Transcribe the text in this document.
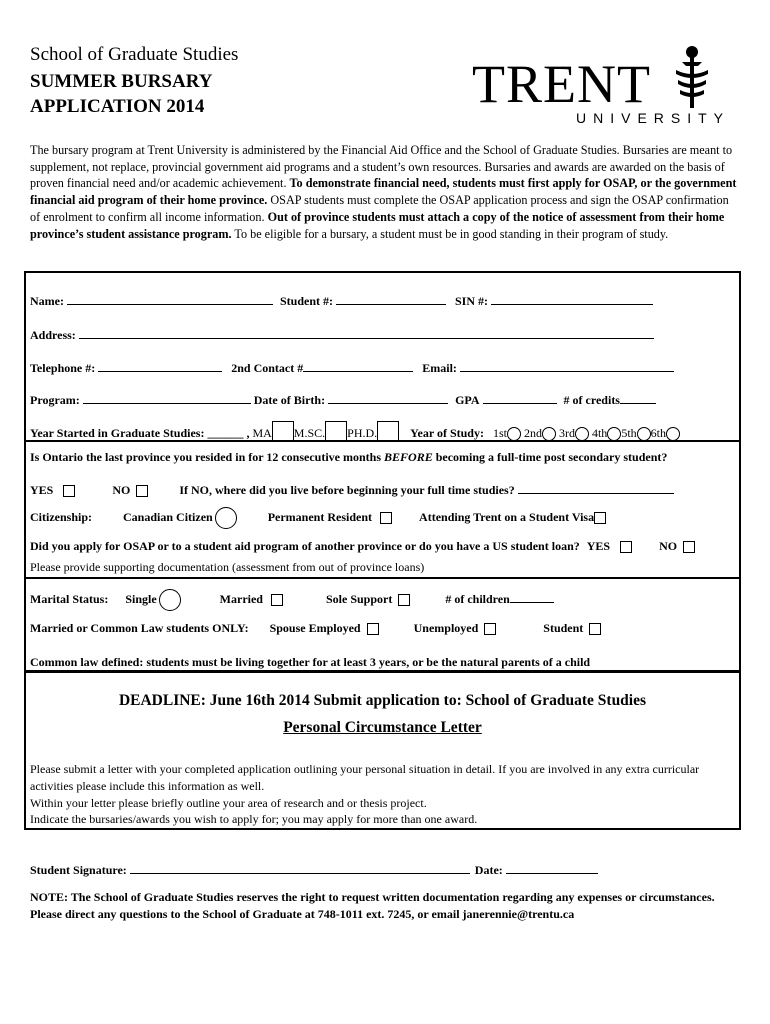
School of Graduate Studies
SUMMER BURSARY
APPLICATION 2014	TRENT
UNIVERSITY
The bursary program at Trent University is administered by the Financial Aid Office and the School of Graduate Studies. Bursaries are meant to supplement, not replace, provincial government aid programs and a student’s own resources. Bursaries and awards are awarded on the basis of proven financial need and/or academic achievement. To demonstrate financial need, students must first apply for OSAP, or the government financial aid program of their home province. OSAP students must complete the OSAP application process and sign the OSAP confirmation of enrolment to confirm all income information. Out of province students must attach a copy of the notice of assessment from their home province’s student assistance program. To be eligible for a bursary, a student must be in good standing in their program of study.
Name:	Student #:	SIN #:
Address:
Telephone #:	2nd Contact #	Email:
Program:	Date of Birth:	GPA	# of credits
Year Started in Graduate Studies: ______ , MA M.SC. PH.D.	Year of Study: 1st 2nd 3rd 4th 5th 6th
Is Ontario the last province you resided in for 12 consecutive months BEFORE becoming a full-time post secondary student?
YES	NO	If NO, where did you live before beginning your full time studies?
Citizenship:	Canadian Citizen	Permanent Resident	Attending Trent on a Student Visa
Did you apply for OSAP or to a student aid program of another province or do you have a US student loan? YES	NO
Please provide supporting documentation (assessment from out of province loans)
Marital Status: Single	Married	Sole Support	# of children
Married or Common Law students ONLY: Spouse Employed	Unemployed	Student
Common law defined: students must be living together for at least 3 years, or be the natural parents of a child
DEADLINE: June 16th 2014 Submit application to: School of Graduate Studies
Personal Circumstance Letter
Please submit a letter with your completed application outlining your personal situation in detail. If you are involved in any extra curricular activities please include this information as well.
Within your letter please briefly outline your area of research and or thesis project.
Indicate the bursaries/awards you wish to apply for; you may apply for more than one award.
Student Signature:	Date:
NOTE: The School of Graduate Studies reserves the right to request written documentation regarding any expenses or circumstances. Please direct any questions to the School of Graduate at 748-1011 ext. 7245, or email janerennie@trentu.ca
